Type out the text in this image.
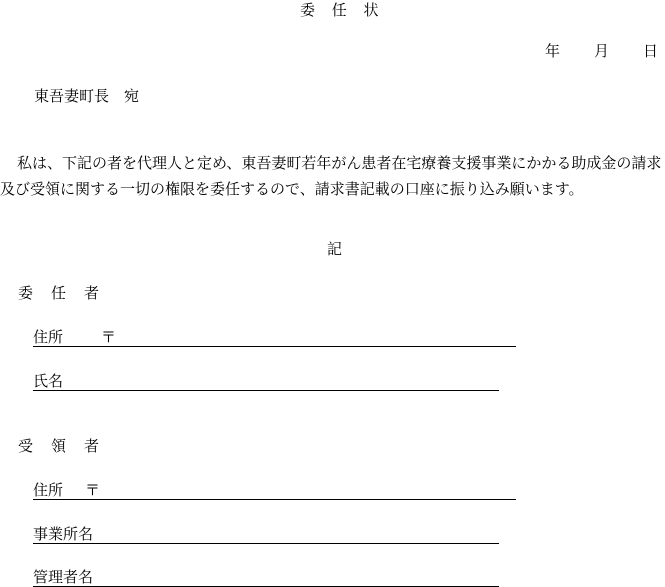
委 任 状
年 月 日
東吾妻町長　宛
私は、下記の者を代理人と定め、東吾妻町若年がん患者在宅療養支援事業にかかる助成金の請求及び受領に関する一切の権限を委任するので、請求書記載の口座に振り込み願います。
記
委任者
住所	〒
氏名
受領者
住所 〒
事業所名
管理者名
